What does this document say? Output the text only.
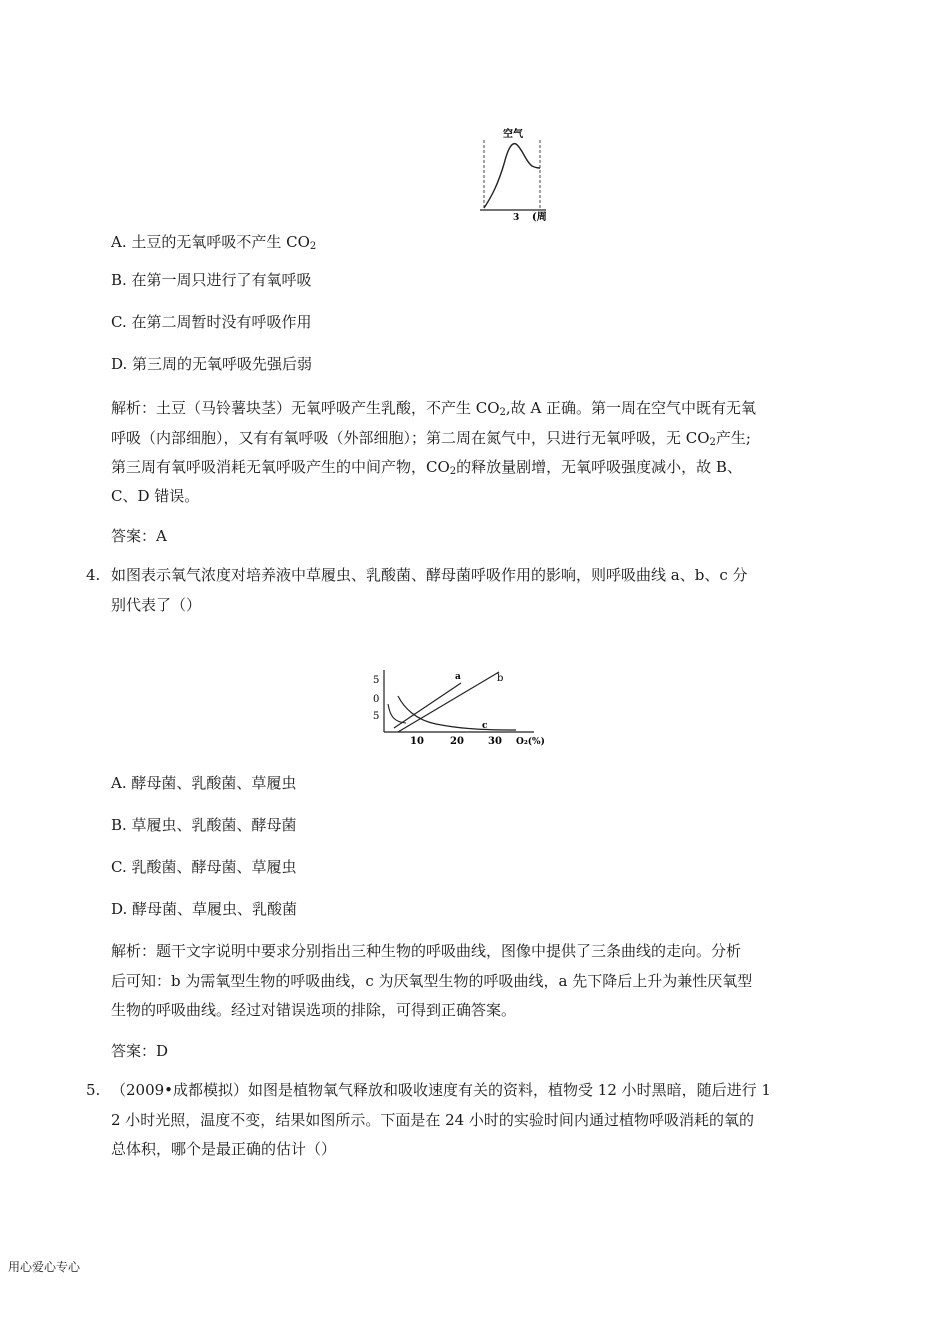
空气
3 (周
A. 土豆的无氧呼吸不产生 $CO_2$
B. 在第一周只进行了有氧呼吸
C. 在第二周暂时没有呼吸作用
D. 第三周的无氧呼吸先强后弱
解析：土豆（马铃薯块茎）无氧呼吸产生乳酸，不产生 $CO_2$,故 A 正确。第一周在空气中既有无氧
呼吸（内部细胞），又有有氧呼吸（外部细胞）；第二周在氮气中，只进行无氧呼吸，无 $CO_2$产生;
第三周有氧呼吸消耗无氧呼吸产生的中间产物，$CO_2$的释放量剧增，无氧呼吸强度减小，故 B、
C、D 错误。
答案：A
4. 如图表示氧气浓度对培养液中草履虫、乳酸菌、酵母菌呼吸作用的影响，则呼吸曲线 a、b、c 分
别代表了（）
5
0
5
10	20 30 O₂(%)
a	b
c
A. 酵母菌、乳酸菌、草履虫
B. 草履虫、乳酸菌、酵母菌
C. 乳酸菌、酵母菌、草履虫
D. 酵母菌、草履虫、乳酸菌
解析：题干文字说明中要求分别指出三种生物的呼吸曲线，图像中提供了三条曲线的走向。分析
后可知：b 为需氧型生物的呼吸曲线，c 为厌氧型生物的呼吸曲线，a 先下降后上升为兼性厌氧型
生物的呼吸曲线。经过对错误选项的排除，可得到正确答案。
答案：D
5. （2009•成都模拟）如图是植物氧气释放和吸收速度有关的资料，植物受 12 小时黑暗，随后进行 1
2 小时光照，温度不变，结果如图所示。下面是在 24 小时的实验时间内通过植物呼吸消耗的氧的
总体积，哪个是最正确的估计（）
用心爱心专心
